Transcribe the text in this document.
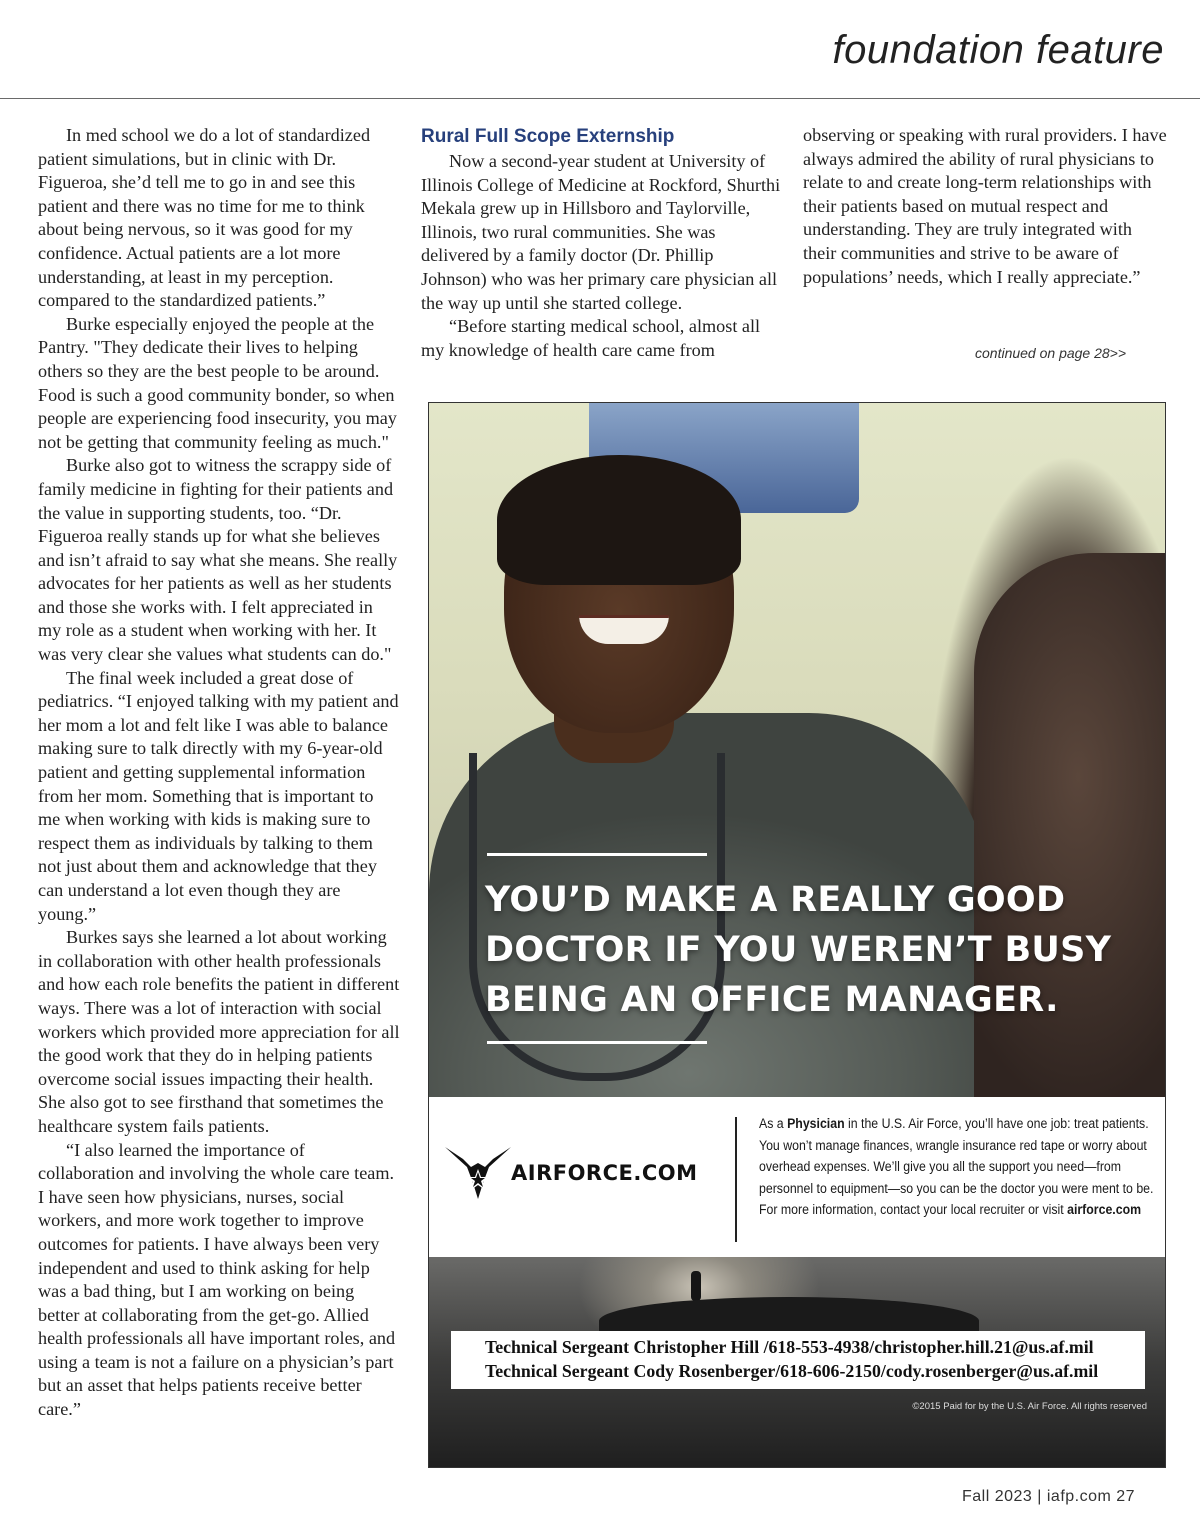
foundation feature

In med school we do a lot of standardized patient simulations, but in clinic with Dr. Figueroa, she’d tell me to go in and see this patient and there was no time for me to think about being nervous, so it was good for my confidence. Actual patients are a lot more understanding, at least in my perception. compared to the standardized patients.”

Burke especially enjoyed the people at the Pantry. "They dedicate their lives to helping others so they are the best people to be around. Food is such a good community bonder, so when people are experiencing food insecurity, you may not be getting that community feeling as much."

Burke also got to witness the scrappy side of family medicine in fighting for their patients and the value in supporting students, too. “Dr. Figueroa really stands up for what she believes and isn’t afraid to say what she means. She really advocates for her patients as well as her students and those she works with. I felt appreciated in my role as a student when working with her. It was very clear she values what students can do."

The final week included a great dose of pediatrics. “I enjoyed talking with my patient and her mom a lot and felt like I was able to balance making sure to talk directly with my 6-year-old patient and getting supplemental information from her mom. Something that is important to me when working with kids is making sure to respect them as individuals by talking to them not just about them and acknowledge that they can understand a lot even though they are young.”

Burkes says she learned a lot about working in collaboration with other health professionals and how each role benefits the patient in different ways. There was a lot of interaction with social workers which provided more appreciation for all the good work that they do in helping patients overcome social issues impacting their health. She also got to see firsthand that sometimes the healthcare system fails patients.

“I also learned the importance of collaboration and involving the whole care team. I have seen how physicians, nurses, social workers, and more work together to improve outcomes for patients. I have always been very independent and used to think asking for help was a bad thing, but I am working on being better at collaborating from the get-go. Allied health professionals all have important roles, and using a team is not a failure on a physician’s part but an asset that helps patients receive better care.”

Rural Full Scope Externship

Now a second-year student at University of Illinois College of Medicine at Rockford, Shurthi Mekala grew up in Hillsboro and Taylorville, Illinois, two rural communities. She was delivered by a family doctor (Dr. Phillip Johnson) who was her primary care physician all the way up until she started college.

“Before starting medical school, almost all my knowledge of health care came from

observing or speaking with rural providers. I have always admired the ability of rural physicians to relate to and create long-term relationships with their patients based on mutual respect and understanding. They are truly integrated with their communities and strive to be aware of populations’ needs, which I really appreciate.”

continued on page 28>>
YOU’D MAKE A REALLY GOOD
DOCTOR IF YOU WEREN’T BUSY
BEING AN OFFICE MANAGER.
AIRFORCE.COM
As a Physician in the U.S. Air Force, you’ll have one job: treat patients. You won’t manage finances, wrangle insurance red tape or worry about overhead expenses. We’ll give you all the support you need—from personnel to equipment—so you can be the doctor you were ment to be. For more information, contact your local recruiter or visit airforce.com
Technical Sergeant Christopher Hill /618-553-4938/christopher.hill.21@us.af.mil
Technical Sergeant Cody Rosenberger/618-606-2150/cody.rosenberger@us.af.mil
©2015 Paid for by the U.S. Air Force. All rights reserved
Fall 2023 | iafp.com 27
